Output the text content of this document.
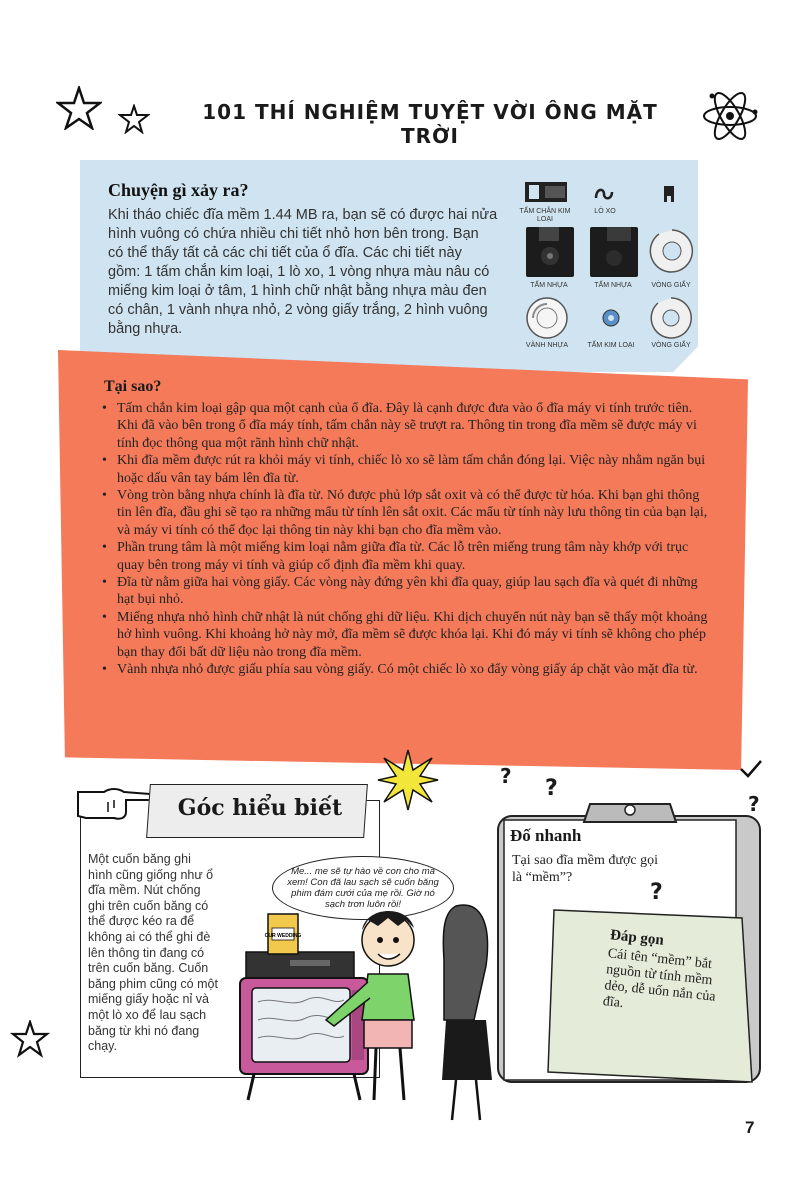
101 THÍ NGHIỆM TUYỆT VỜI ÔNG MẶT TRỜI
Chuyện gì xảy ra?
Khi tháo chiếc đĩa mềm 1.44 MB ra, bạn sẽ có được hai nửa hình vuông có chứa nhiều chi tiết nhỏ hơn bên trong. Bạn có thể thấy tất cả các chi tiết của ổ đĩa. Các chi tiết này gồm: 1 tấm chắn kim loại, 1 lò xo, 1 vòng nhựa màu nâu có miếng kim loại ở tâm, 1 hình chữ nhật bằng nhựa màu đen có chân, 1 vành nhựa nhỏ, 2 vòng giấy trắng, 2 hình vuông bằng nhựa.
TẤM CHẮN KIM LOẠI
LÒ XO
TẤM NHỰA	TẤM NHỰA	VÒNG GIẤY
VÀNH NHỰA	TẤM KIM LOẠI	VÒNG GIẤY
Tại sao?
• Tấm chắn kim loại gập qua một cạnh của ổ đĩa. Đây là cạnh được đưa vào ổ đĩa máy vi tính trước tiên. Khi đã vào bên trong ổ đĩa máy tính, tấm chắn này sẽ trượt ra. Thông tin trong đĩa mềm sẽ được máy vi tính đọc thông qua một rãnh hình chữ nhật.
• Khi đĩa mềm được rút ra khỏi máy vi tính, chiếc lò xo sẽ làm tấm chắn đóng lại. Việc này nhằm ngăn bụi hoặc dấu vân tay bám lên đĩa từ.
• Vòng tròn bằng nhựa chính là đĩa từ. Nó được phủ lớp sắt oxit và có thể được từ hóa. Khi bạn ghi thông tin lên đĩa, đầu ghi sẽ tạo ra những mẩu từ tính lên sắt oxit. Các mẩu từ tính này lưu thông tin của bạn lại, và máy vi tính có thể đọc lại thông tin này khi bạn cho đĩa mềm vào.
• Phần trung tâm là một miếng kim loại nằm giữa đĩa từ. Các lỗ trên miếng trung tâm này khớp với trục quay bên trong máy vi tính và giúp cố định đĩa mềm khi quay.
• Đĩa từ nằm giữa hai vòng giấy. Các vòng này đứng yên khi đĩa quay, giúp lau sạch đĩa và quét đi những hạt bụi nhỏ.
• Miếng nhựa nhỏ hình chữ nhật là nút chống ghi dữ liệu. Khi dịch chuyển nút này bạn sẽ thấy một khoảng hở hình vuông. Khi khoảng hở này mở, đĩa mềm sẽ được khóa lại. Khi đó máy vi tính sẽ không cho phép bạn thay đổi bất dữ liệu nào trong đĩa mềm.
• Vành nhựa nhỏ được giấu phía sau vòng giấy. Có một chiếc lò xo đẩy vòng giấy áp chặt vào mặt đĩa từ.
Góc hiểu biết
Một cuốn băng ghi hình cũng giống như ổ đĩa mềm. Nút chống ghi trên cuốn băng có thể được kéo ra để không ai có thể ghi đè lên thông tin đang có trên cuốn băng. Cuốn băng phim cũng có một miếng giấy hoặc nỉ và một lò xo để lau sạch băng từ khi nó đang chạy.
Me... me sẽ tự hào về con cho mà xem! Con đã lau sạch sẽ cuốn băng phim đám cưới của mẹ rồi. Giờ nó sạch trơn luôn rồi!
OUR WEDDING
Đố nhanh
Tại sao đĩa mềm được gọi là “mềm”?
Đáp gọn
Cái tên “mềm” bắt nguồn từ tính mềm dẻo, dễ uốn nắn của đĩa.
? ?
?
?
7
